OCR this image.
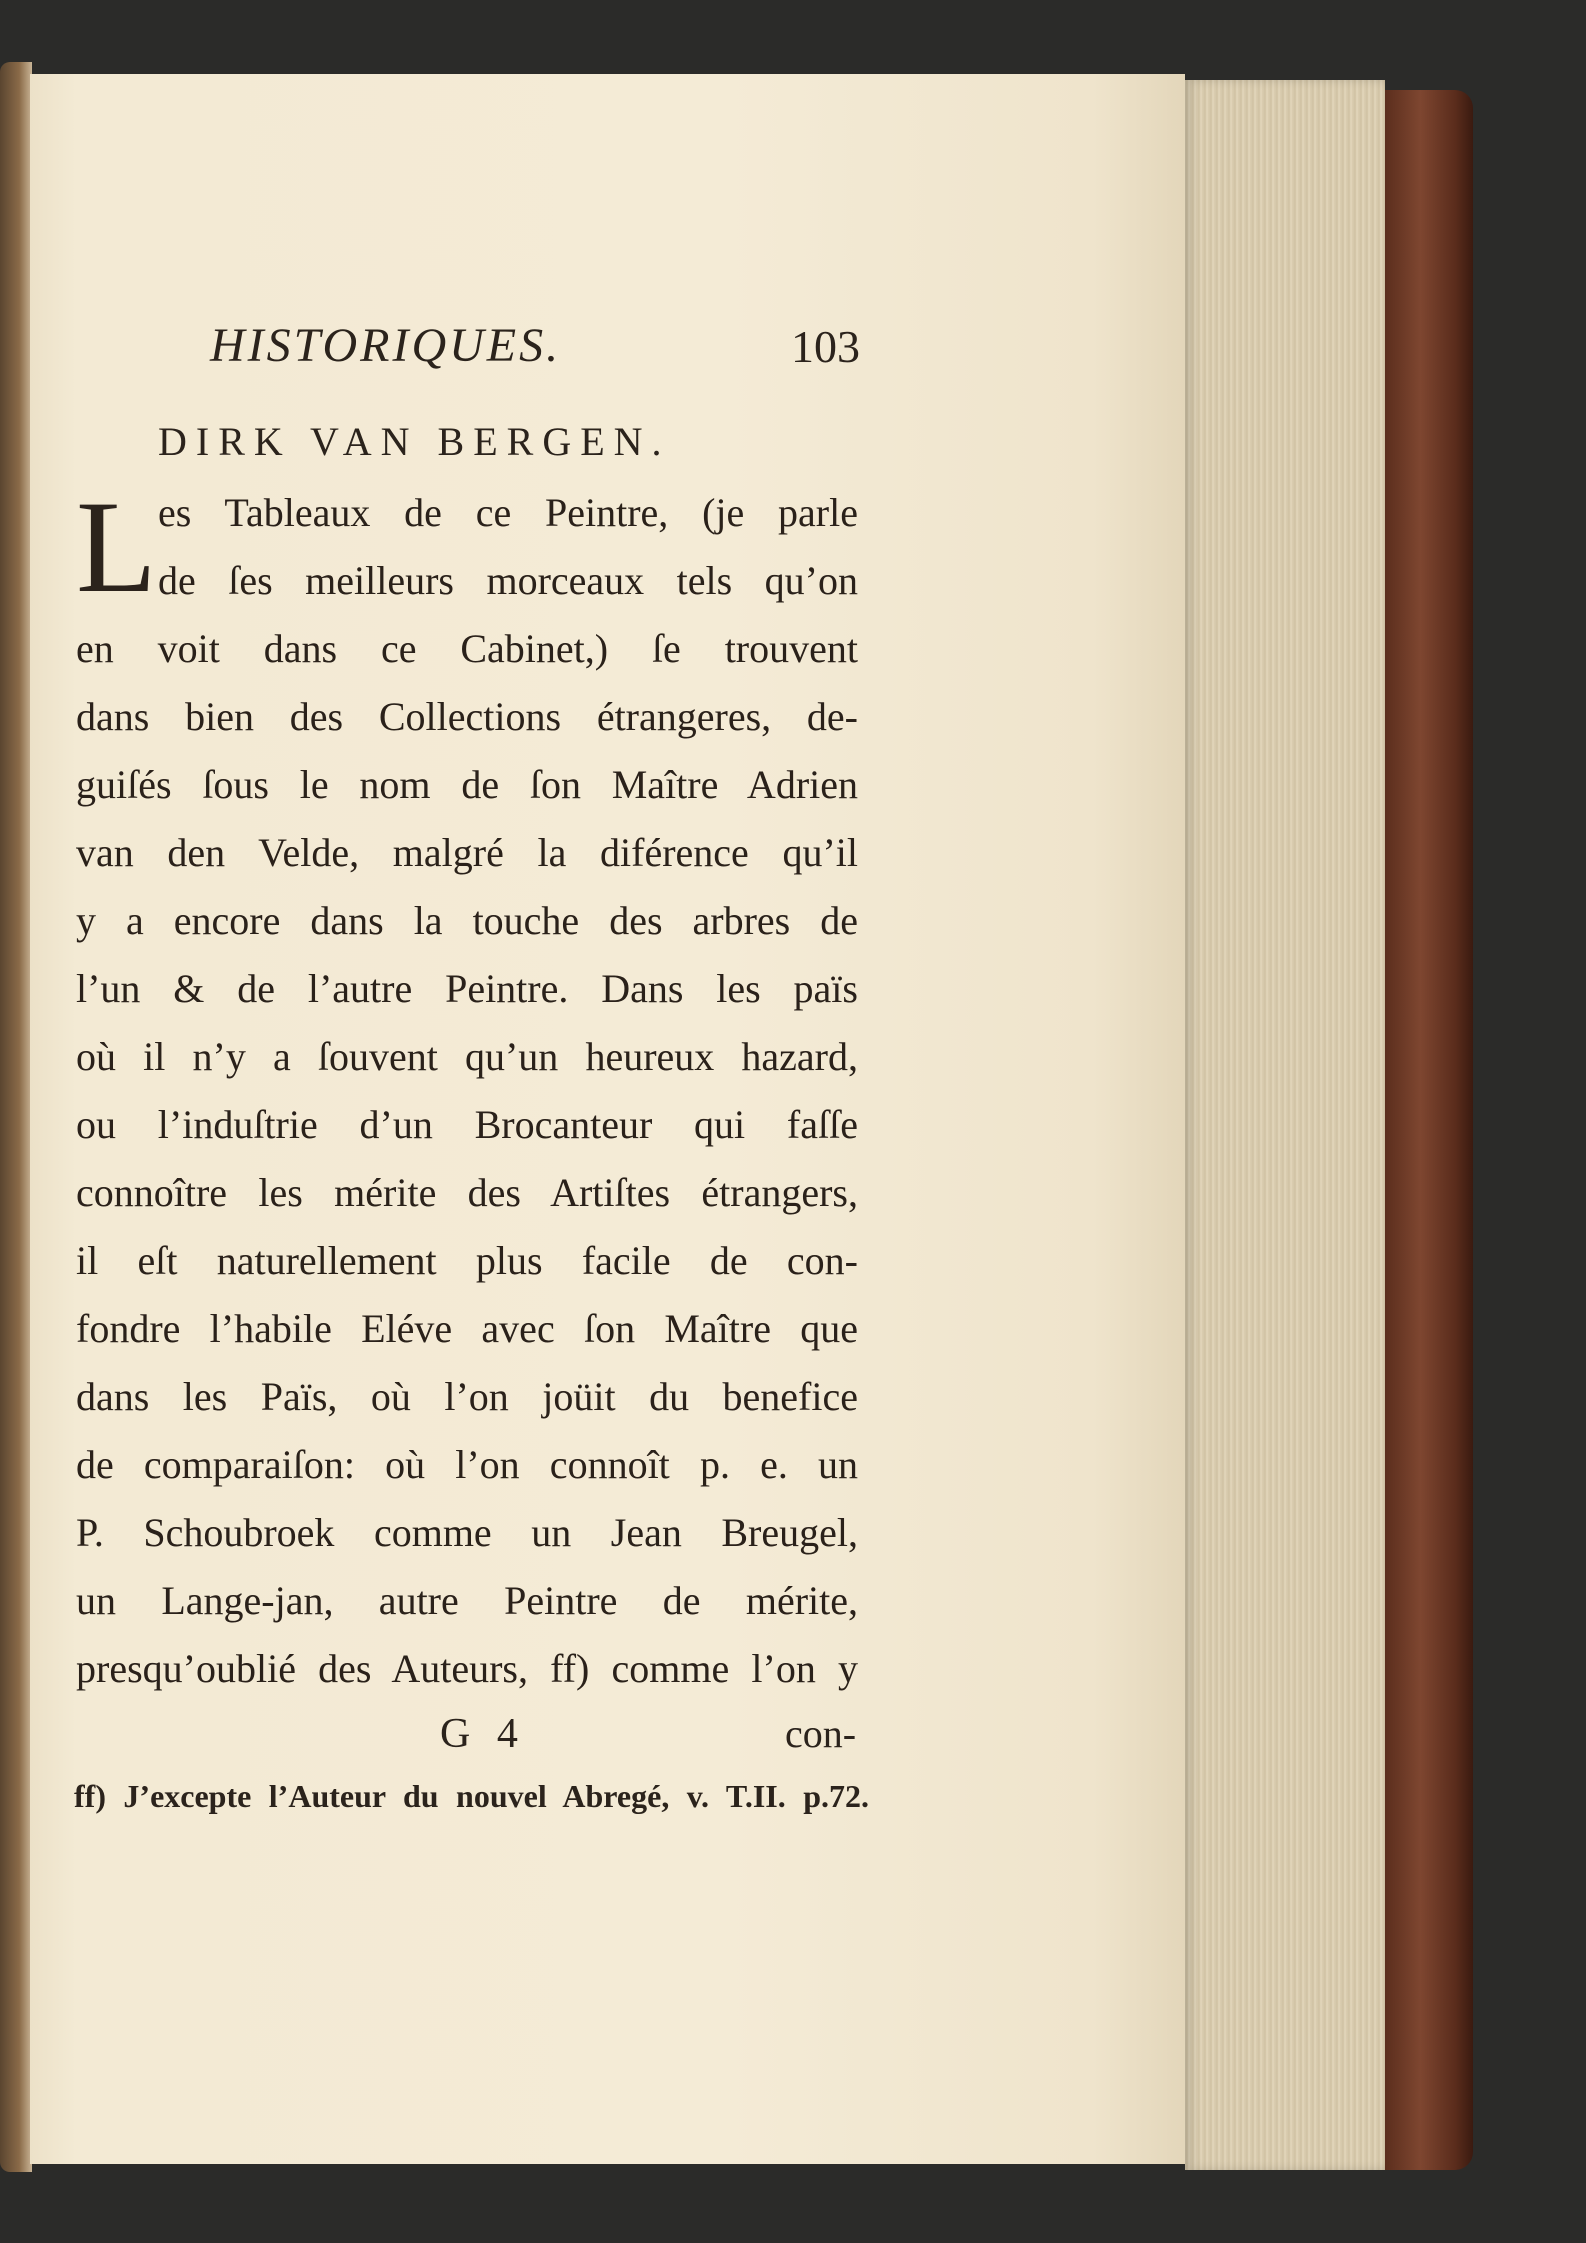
HISTORIQUES.	103
DIRK VAN BERGEN.
L es Tableaux de ce Peintre, (je parle
de ſes meilleurs morceaux tels qu’on
en voit dans ce Cabinet,) ſe trouvent
dans bien des Collections étrangeres, de-
guiſés ſous le nom de ſon Maître Adrien
van den Velde, malgré la diférence qu’il
y a encore dans la touche des arbres de
l’un & de l’autre Peintre. Dans les païs
où il n’y a ſouvent qu’un heureux hazard,
ou l’induſtrie d’un Brocanteur qui faſſe
connoître les mérite des Artiſtes étrangers,
il eſt naturellement plus facile de con-
fondre l’habile Eléve avec ſon Maître que
dans les Païs, où l’on joüit du benefice
de comparaiſon: où l’on connoît p. e. un
P. Schoubroek comme un Jean Breugel,
un Lange-jan, autre Peintre de mérite,
presqu’oublié des Auteurs, ff) comme l’on y
G 4	con-
ff) J’excepte l’Auteur du nouvel Abregé, v. T.II. p.72.
